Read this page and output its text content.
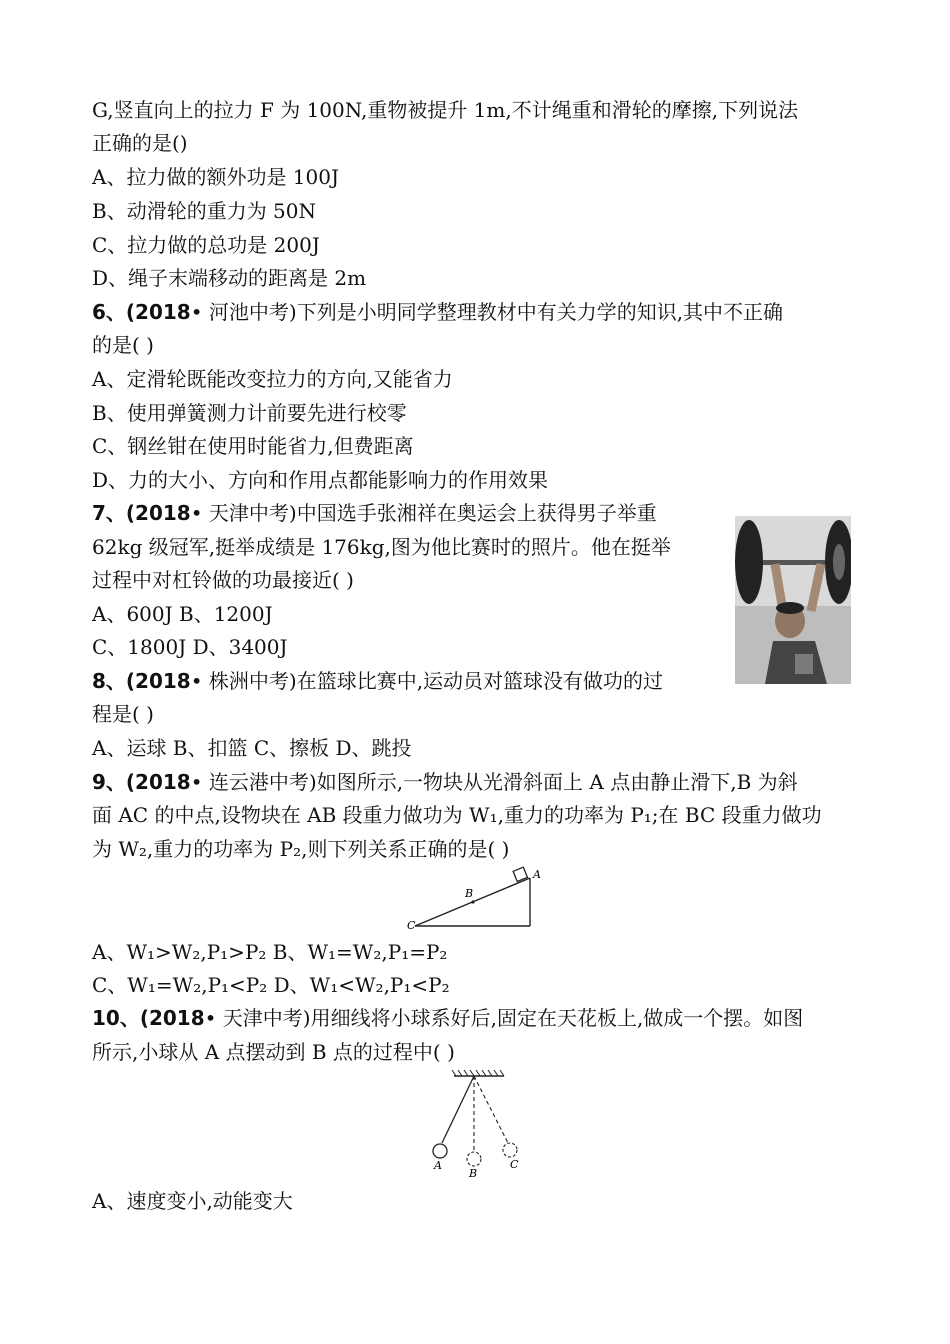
G,竖直向上的拉力 F 为 100N,重物被提升 1m,不计绳重和滑轮的摩擦,下列说法
正确的是()
A、拉力做的额外功是 100J
B、动滑轮的重力为 50N
C、拉力做的总功是 200J
D、绳子末端移动的距离是 2m
6、(2018• 河池中考)下列是小明同学整理教材中有关力学的知识,其中不正确
的是( )
A、定滑轮既能改变拉力的方向,又能省力
B、使用弹簧测力计前要先进行校零
C、钢丝钳在使用时能省力,但费距离
D、力的大小、方向和作用点都能影响力的作用效果
7、(2018• 天津中考)中国选手张湘祥在奥运会上获得男子举重
62kg 级冠军,挺举成绩是 176kg,图为他比赛时的照片。他在挺举
过程中对杠铃做的功最接近( )
A、600J B、1200J
C、1800J D、3400J
8、(2018• 株洲中考)在篮球比赛中,运动员对篮球没有做功的过
程是( )
A、运球 B、扣篮 C、擦板 D、跳投
9、(2018• 连云港中考)如图所示,一物块从光滑斜面上 A 点由静止滑下,B 为斜
面 AC 的中点,设物块在 AB 段重力做功为 W₁,重力的功率为 P₁;在 BC 段重力做功
为 W₂,重力的功率为 P₂,则下列关系正确的是( )
A
B
C
A、W₁>W₂,P₁>P₂ B、W₁=W₂,P₁=P₂
C、W₁=W₂,P₁<P₂ D、W₁<W₂,P₁<P₂
10、(2018• 天津中考)用细线将小球系好后,固定在天花板上,做成一个摆。如图
所示,小球从 A 点摆动到 B 点的过程中( )
A
B
C
A、速度变小,动能变大
